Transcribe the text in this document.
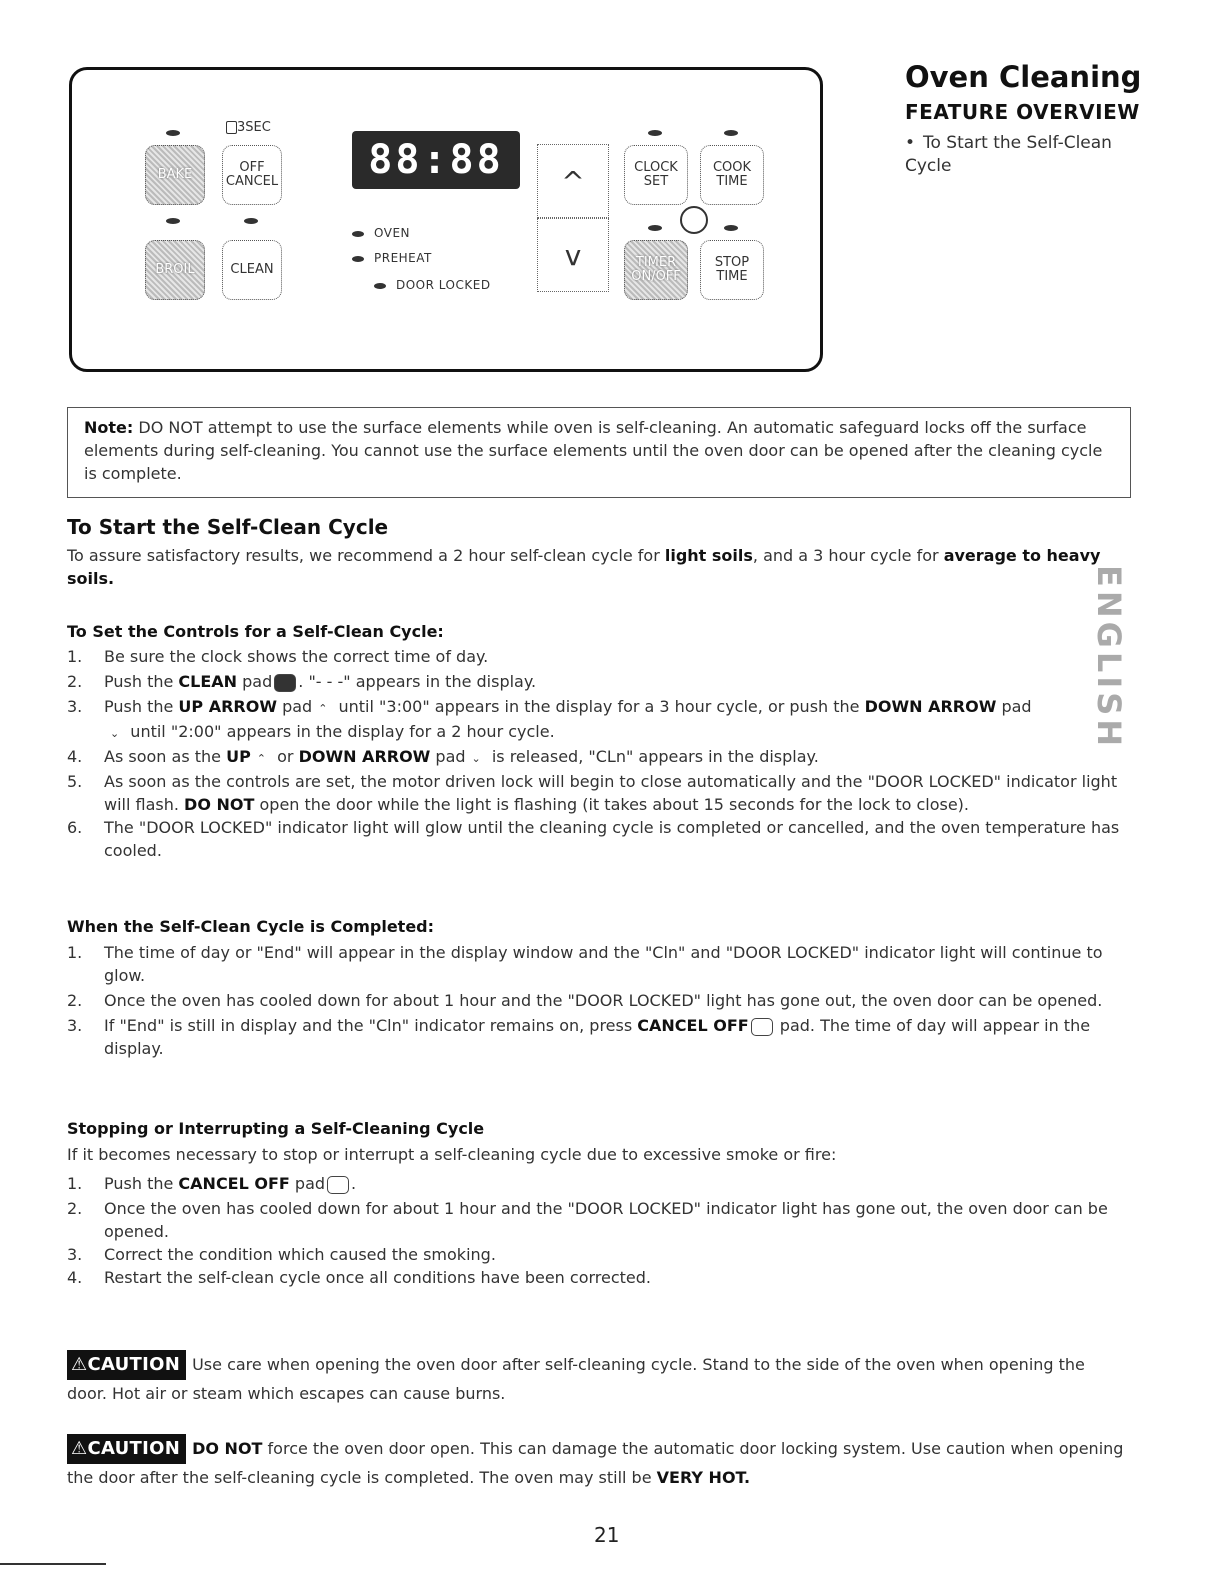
3SEC
BAKE	OFF
CANCEL
BROIL	CLEAN
88:88
OVEN
PREHEAT
DOOR LOCKED
^
v
CLOCK
SET
COOK
TIME
TIMER
ON/OFF
STOP
TIME
Oven Cleaning
FEATURE OVERVIEW
• To Start the Self-Clean Cycle
Note: DO NOT attempt to use the surface elements while oven is self-cleaning. An automatic safeguard locks off the surface elements during self-cleaning. You cannot use the surface elements until the oven door can be opened after the cleaning cycle is complete.
To Start the Self-Clean Cycle
To assure satisfactory results, we recommend a 2 hour self-clean cycle for light soils, and a 3 hour cycle for average to heavy soils.
To Set the Controls for a Self-Clean Cycle:
1. Be sure the clock shows the correct time of day.
2. Push the CLEAN pad . "- - -" appears in the display.
3. Push the UP ARROW pad ⌃ until "3:00" appears in the display for a 3 hour cycle, or push the DOWN ARROW pad
⌄ until "2:00" appears in the display for a 2 hour cycle.
4. As soon as the UP ⌃ or DOWN ARROW pad ⌄ is released, "CLn" appears in the display.
5. As soon as the controls are set, the motor driven lock will begin to close automatically and the "DOOR LOCKED" indicator light will flash. DO NOT open the door while the light is flashing (it takes about 15 seconds for the lock to close).
6. The "DOOR LOCKED" indicator light will glow until the cleaning cycle is completed or cancelled, and the oven temperature has cooled.
When the Self-Clean Cycle is Completed:
1. The time of day or "End" will appear in the display window and the "Cln" and "DOOR LOCKED" indicator light will continue to glow.
2. Once the oven has cooled down for about 1 hour and the "DOOR LOCKED" light has gone out, the oven door can be opened.
3. If "End" is still in display and the "Cln" indicator remains on, press CANCEL OFF pad. The time of day will appear in the display.
Stopping or Interrupting a Self-Cleaning Cycle
If it becomes necessary to stop or interrupt a self-cleaning cycle due to excessive smoke or fire:
1. Push the CANCEL OFF pad .
2. Once the oven has cooled down for about 1 hour and the "DOOR LOCKED" indicator light has gone out, the oven door can be opened.
3. Correct the condition which caused the smoking.
4. Restart the self-clean cycle once all conditions have been corrected.
⚠CAUTION Use care when opening the oven door after self-cleaning cycle. Stand to the side of the oven when opening the door. Hot air or steam which escapes can cause burns.
⚠CAUTION DO NOT force the oven door open. This can damage the automatic door locking system. Use caution when opening the door after the self-cleaning cycle is completed. The oven may still be VERY HOT.
ENGLISH
21
